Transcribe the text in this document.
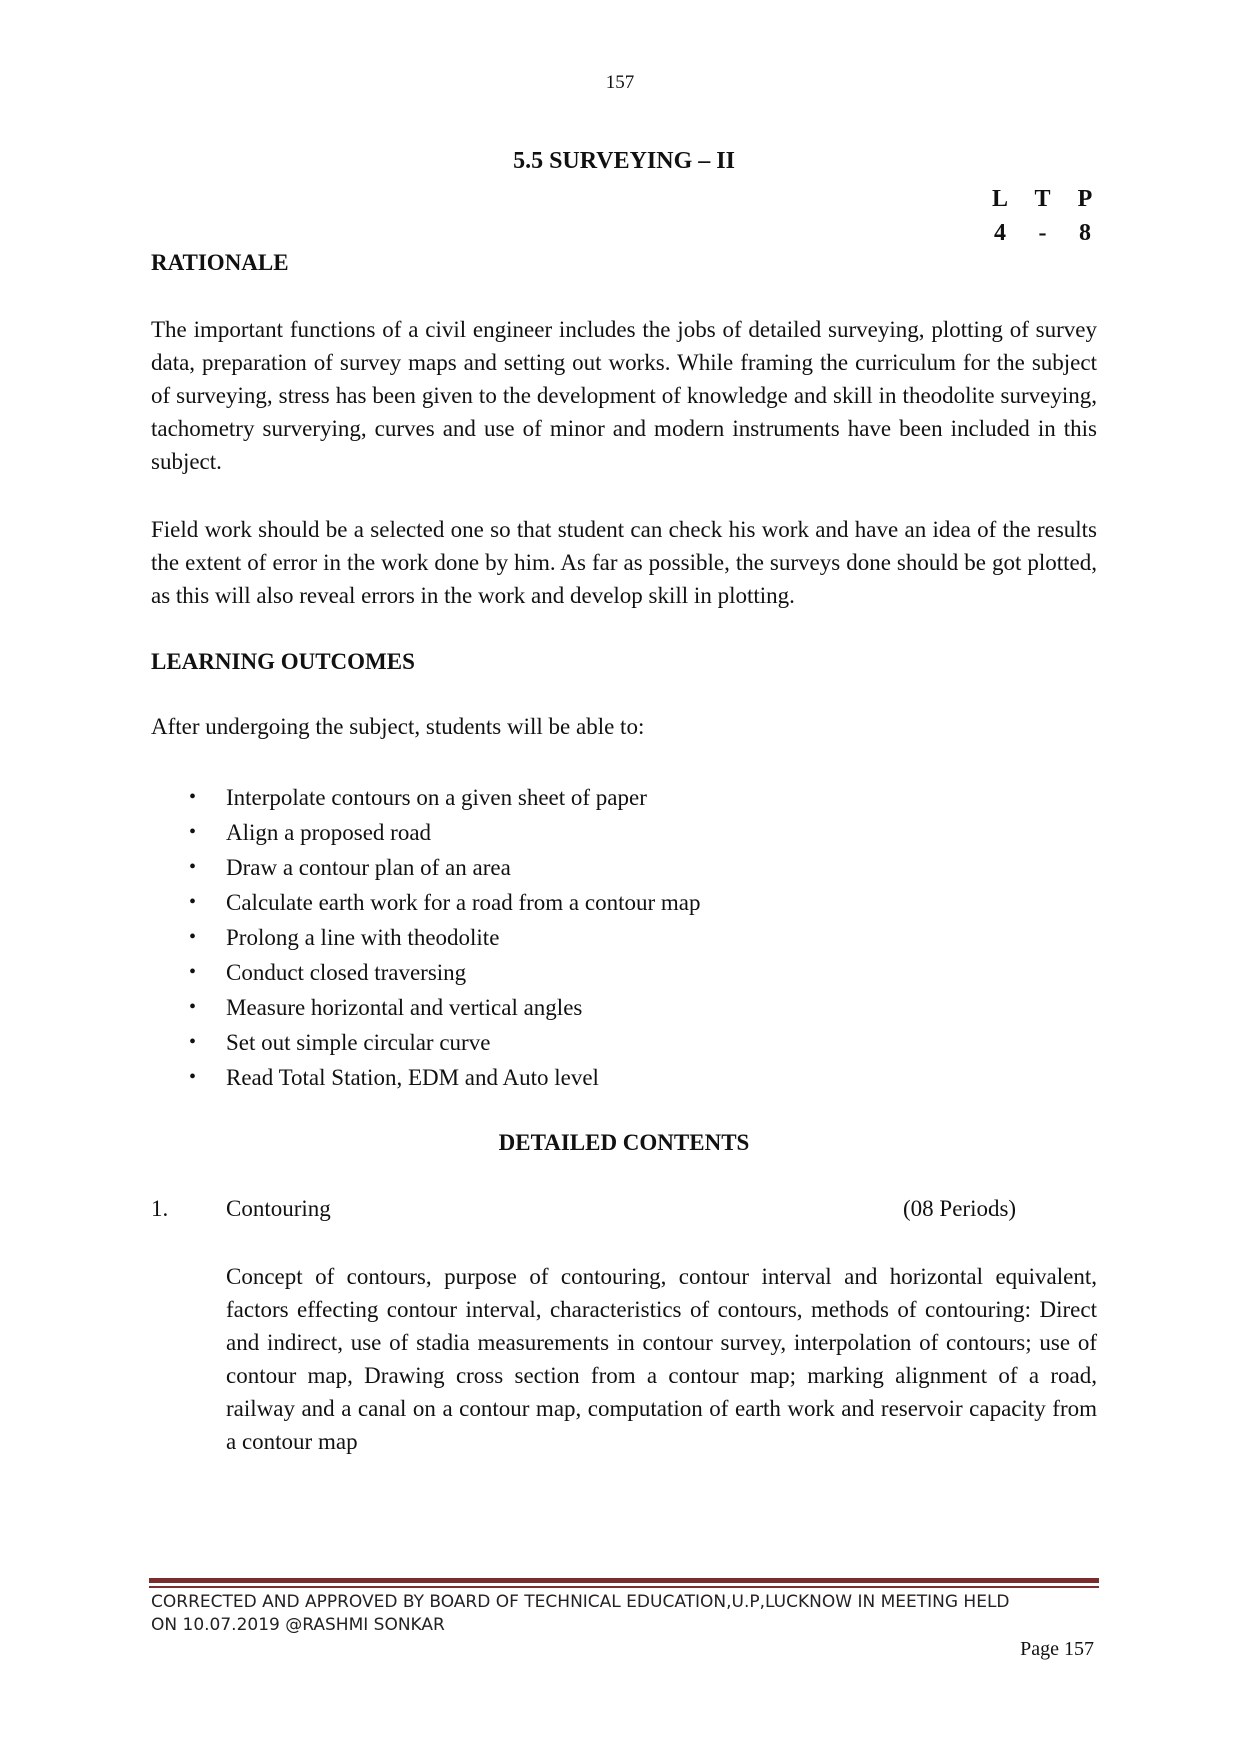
157
5.5 SURVEYING – II
L T	P
4	-	8
RATIONALE

The important functions of a civil engineer includes the jobs of detailed surveying, plotting of survey data, preparation of survey maps and setting out works. While framing the curriculum for the subject of surveying, stress has been given to the development of knowledge and skill in theodolite surveying, tachometry surverying, curves and use of minor and modern instruments have been included in this subject.

Field work should be a selected one so that student can check his work and have an idea of the results the extent of error in the work done by him. As far as possible, the surveys done should be got plotted, as this will also reveal errors in the work and develop skill in plotting.

LEARNING OUTCOMES
After undergoing the subject, students will be able to:
•	Interpolate contours on a given sheet of paper
•	Align a proposed road
•	Draw a contour plan of an area
•	Calculate earth work for a road from a contour map
•	Prolong a line with theodolite
•	Conduct closed traversing
•	Measure horizontal and vertical angles
•	Set out simple circular curve
•	Read Total Station, EDM and Auto level
DETAILED CONTENTS
1.	Contouring	(08 Periods)

Concept of contours, purpose of contouring, contour interval and horizontal equivalent, factors effecting contour interval, characteristics of contours, methods of contouring: Direct and indirect, use of stadia measurements in contour survey, interpolation of contours; use of contour map, Drawing cross section from a contour map; marking alignment of a road, railway and a canal on a contour map, computation of earth work and reservoir capacity from a contour map

CORRECTED AND APPROVED BY BOARD OF TECHNICAL EDUCATION,U.P,LUCKNOW IN MEETING HELD
ON 10.07.2019 @RASHMI SONKAR

Page 157
